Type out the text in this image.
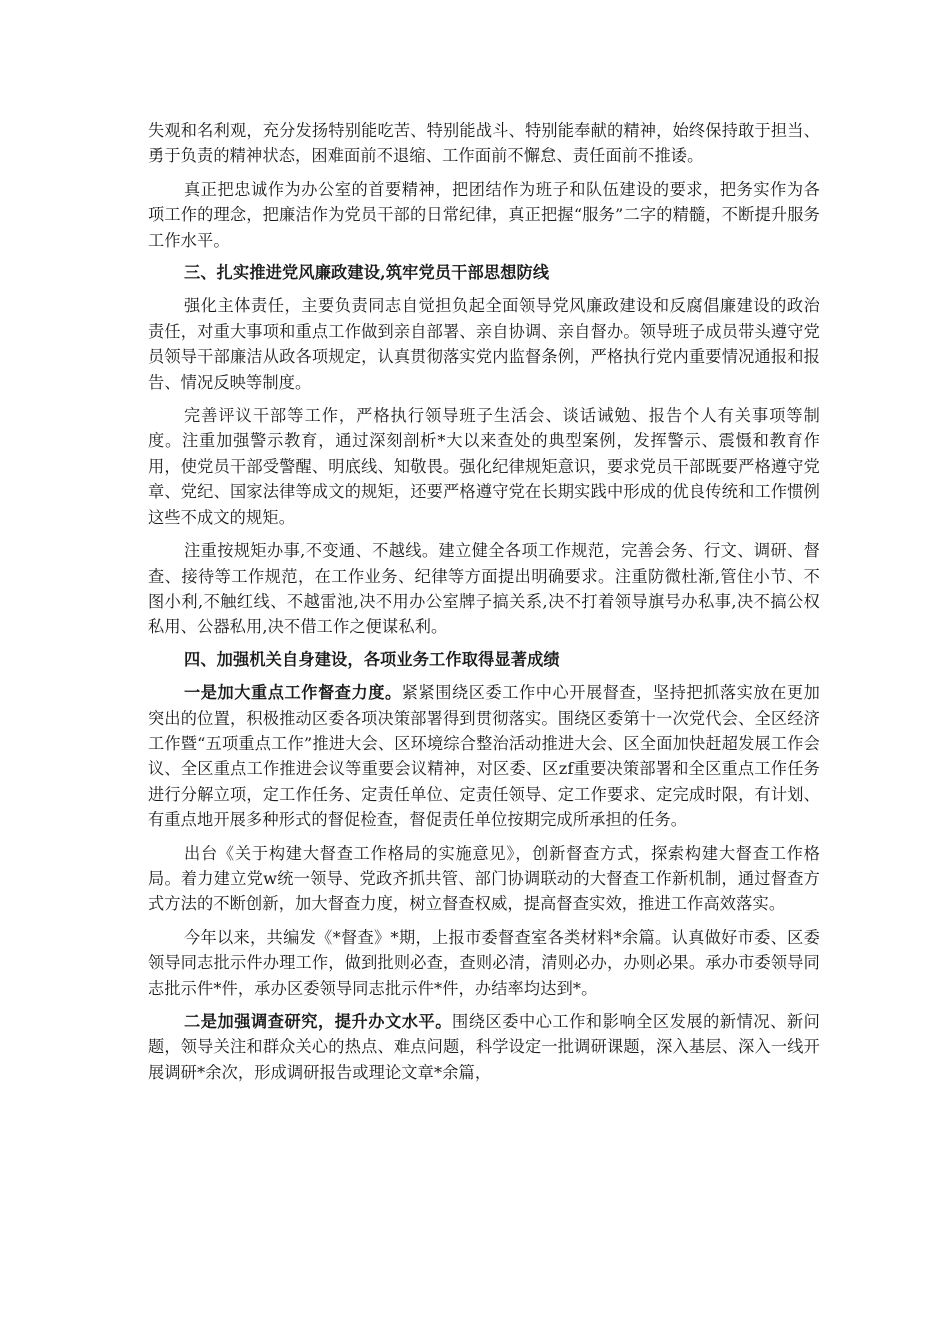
失观和名利观，充分发扬特别能吃苦、特别能战斗、特别能奉献的精神，始终保持敢于担当、勇于负责的精神状态，困难面前不退缩、工作面前不懈怠、责任面前不推诿。

真正把忠诚作为办公室的首要精神，把团结作为班子和队伍建设的要求，把务实作为各项工作的理念，把廉洁作为党员干部的日常纪律，真正把握“服务”二字的精髓，不断提升服务工作水平。

三、扎实推进党风廉政建设,筑牢党员干部思想防线

强化主体责任，主要负责同志自觉担负起全面领导党风廉政建设和反腐倡廉建设的政治责任，对重大事项和重点工作做到亲自部署、亲自协调、亲自督办。领导班子成员带头遵守党员领导干部廉洁从政各项规定，认真贯彻落实党内监督条例，严格执行党内重要情况通报和报告、情况反映等制度。

完善评议干部等工作，严格执行领导班子生活会、谈话诫勉、报告个人有关事项等制度。注重加强警示教育，通过深刻剖析*大以来查处的典型案例，发挥警示、震慑和教育作用，使党员干部受警醒、明底线、知敬畏。强化纪律规矩意识，要求党员干部既要严格遵守党章、党纪、国家法律等成文的规矩，还要严格遵守党在长期实践中形成的优良传统和工作惯例这些不成文的规矩。

注重按规矩办事,不变通、不越线。建立健全各项工作规范，完善会务、行文、调研、督查、接待等工作规范，在工作业务、纪律等方面提出明确要求。注重防微杜渐,管住小节、不图小利,不触红线、不越雷池,决不用办公室牌子搞关系,决不打着领导旗号办私事,决不搞公权私用、公器私用,决不借工作之便谋私利。

四、加强机关自身建设，各项业务工作取得显著成绩

一是加大重点工作督查力度。紧紧围绕区委工作中心开展督查，坚持把抓落实放在更加突出的位置，积极推动区委各项决策部署得到贯彻落实。围绕区委第十一次党代会、全区经济工作暨“五项重点工作”推进大会、区环境综合整治活动推进大会、区全面加快赶超发展工作会议、全区重点工作推进会议等重要会议精神，对区委、区zf重要决策部署和全区重点工作任务进行分解立项，定工作任务、定责任单位、定责任领导、定工作要求、定完成时限，有计划、有重点地开展多种形式的督促检查，督促责任单位按期完成所承担的任务。

出台《关于构建大督查工作格局的实施意见》，创新督查方式，探索构建大督查工作格局。着力建立党w统一领导、党政齐抓共管、部门协调联动的大督查工作新机制，通过督查方式方法的不断创新，加大督查力度，树立督查权威，提高督查实效，推进工作高效落实。

今年以来，共编发《*督查》*期，上报市委督查室各类材料*余篇。认真做好市委、区委领导同志批示件办理工作，做到批则必查，查则必清，清则必办，办则必果。承办市委领导同志批示件*件，承办区委领导同志批示件*件，办结率均达到*。

二是加强调查研究，提升办文水平。围绕区委中心工作和影响全区发展的新情况、新问题，领导关注和群众关心的热点、难点问题，科学设定一批调研课题，深入基层、深入一线开展调研*余次，形成调研报告或理论文章*余篇，
